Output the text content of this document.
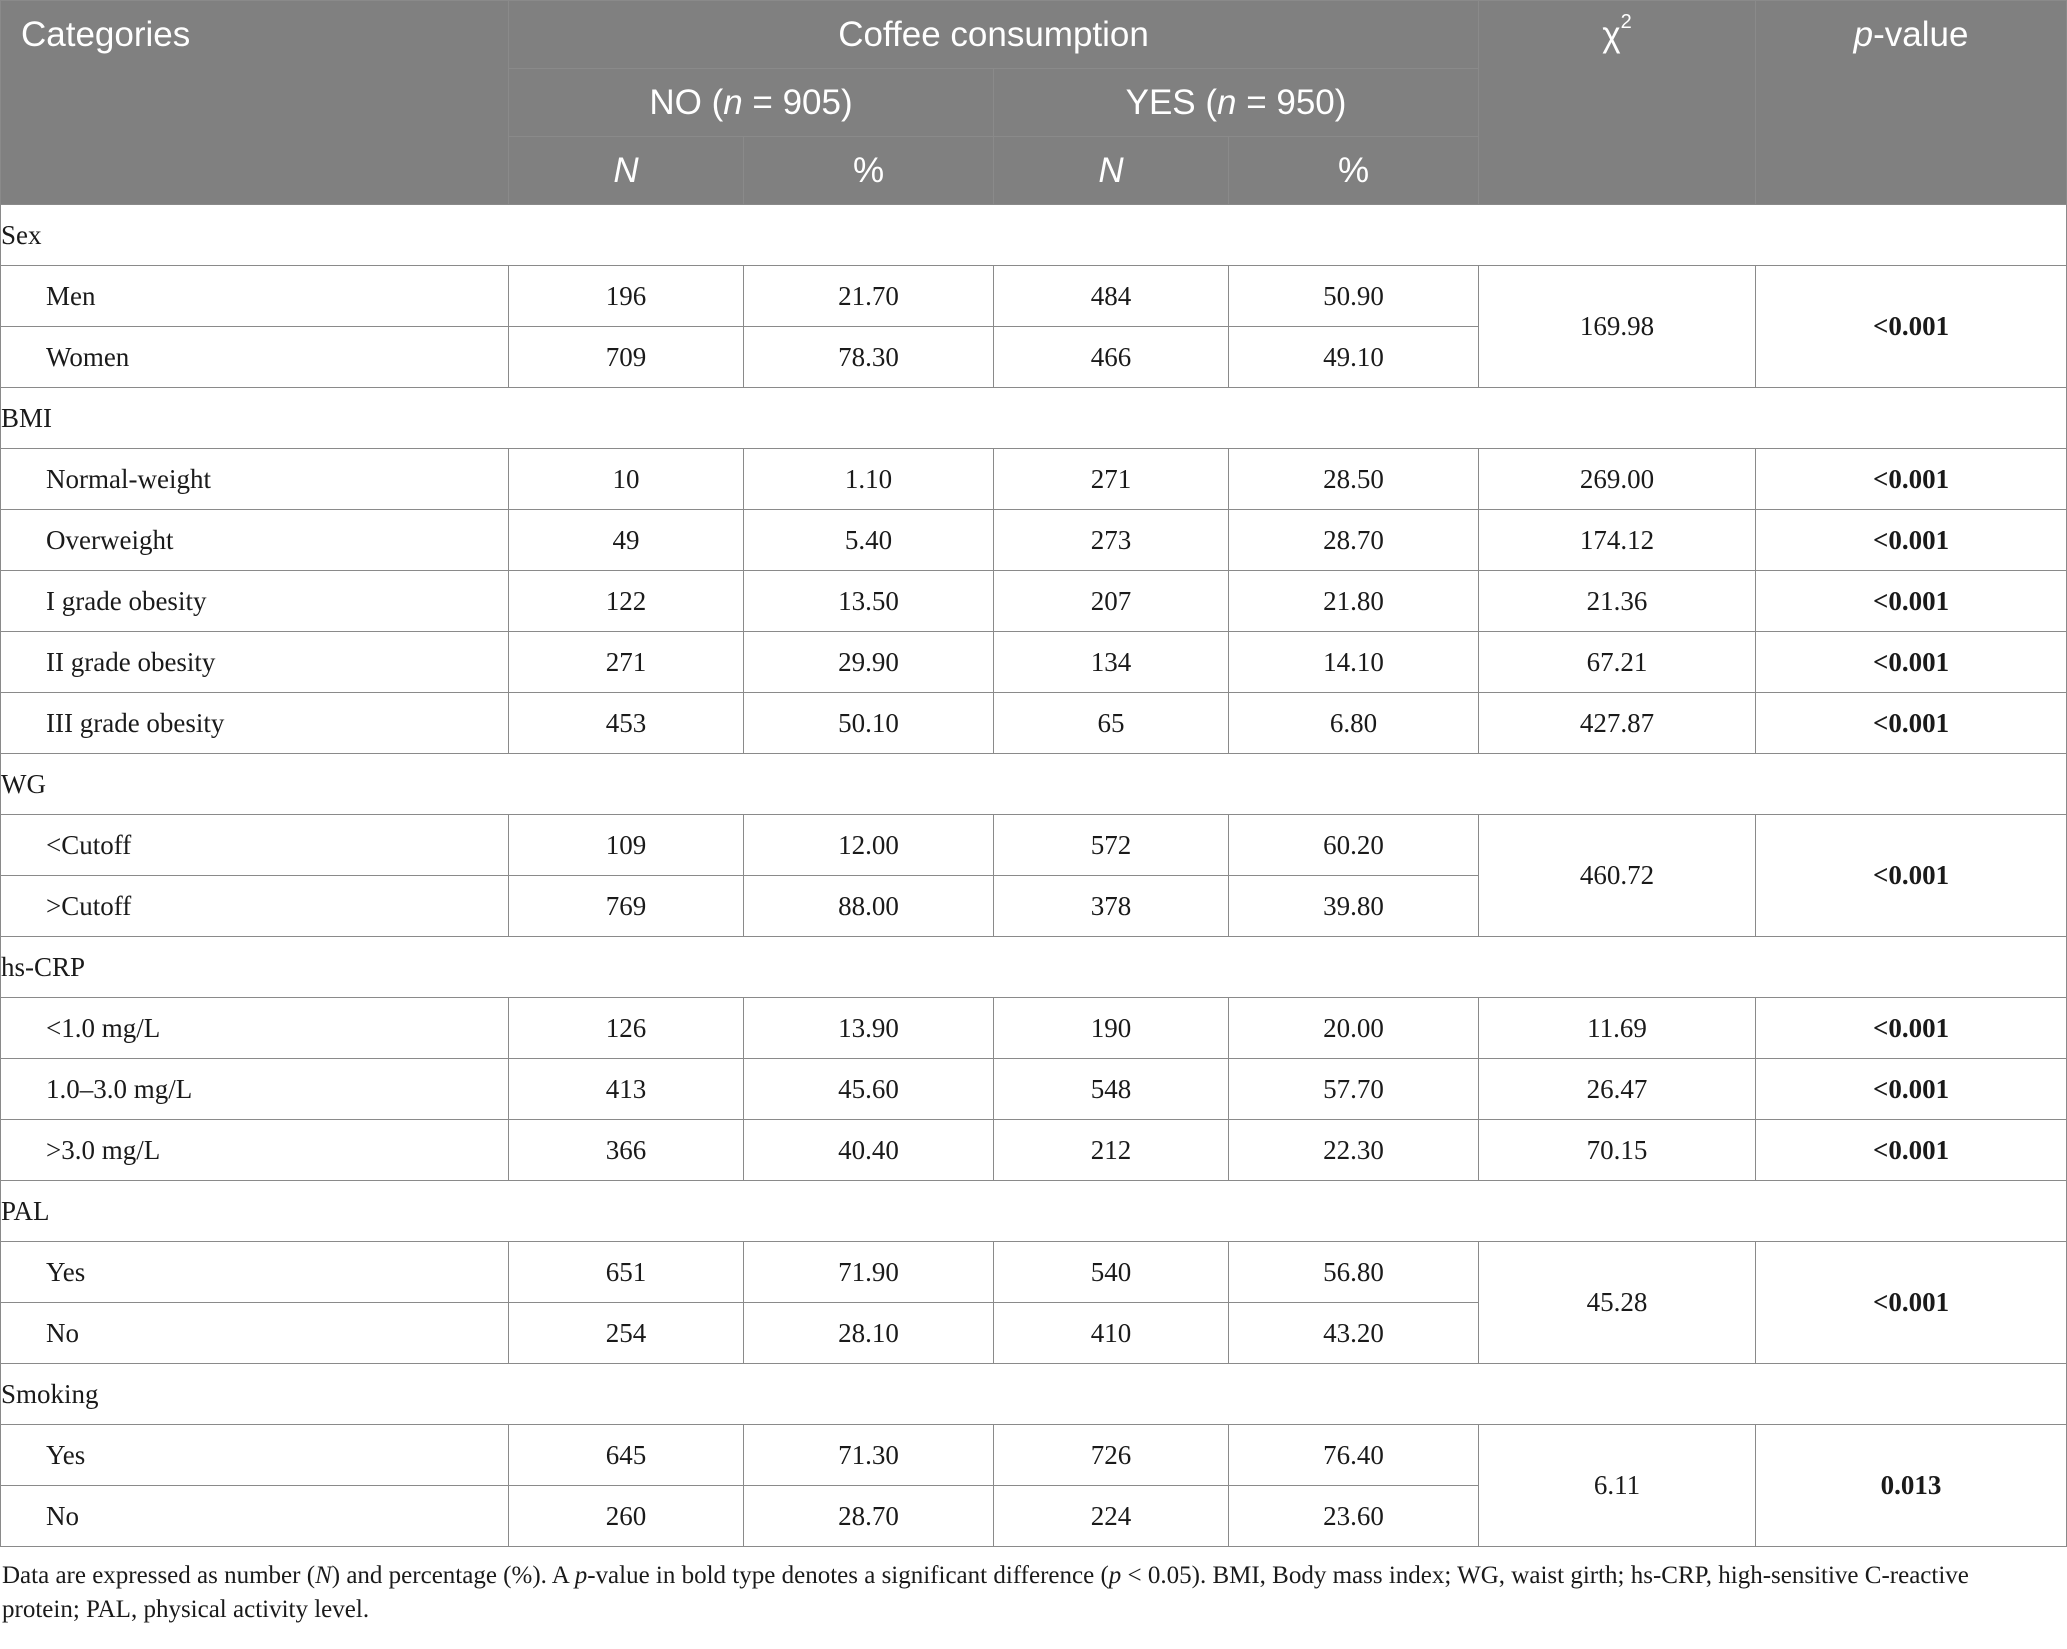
Categories	Coffee consumption				$\chi^2$	p-value
	NO (n = 905)		YES (n = 950)			
	N	%	N	%		
Sex						
Men	196	21.70	484	50.90	169.98	<0.001
Women	709	78.30	466	49.10		
BMI						
Normal-weight	10	1.10	271	28.50	269.00	<0.001
Overweight	49	5.40	273	28.70	174.12	<0.001
I grade obesity	122	13.50	207	21.80	21.36	<0.001
II grade obesity	271	29.90	134	14.10	67.21	<0.001
III grade obesity	453	50.10	65	6.80	427.87	<0.001
WG						
<Cutoff	109	12.00	572	60.20	460.72	<0.001
>Cutoff	769	88.00	378	39.80		
hs-CRP						
<1.0 mg/L	126	13.90	190	20.00	11.69	<0.001
1.0–3.0 mg/L	413	45.60	548	57.70	26.47	<0.001
>3.0 mg/L	366	40.40	212	22.30	70.15	<0.001
PAL						
Yes	651	71.90	540	56.80	45.28	<0.001
No	254	28.10	410	43.20		
Smoking						
Yes	645	71.30	726	76.40	6.11	0.013
No	260	28.70	224	23.60		
Data are expressed as number (N) and percentage (%). A p-value in bold type denotes a significant difference (p < 0.05). BMI, Body mass index; WG, waist girth; hs-CRP, high-sensitive C-reactive protein; PAL, physical activity level.
